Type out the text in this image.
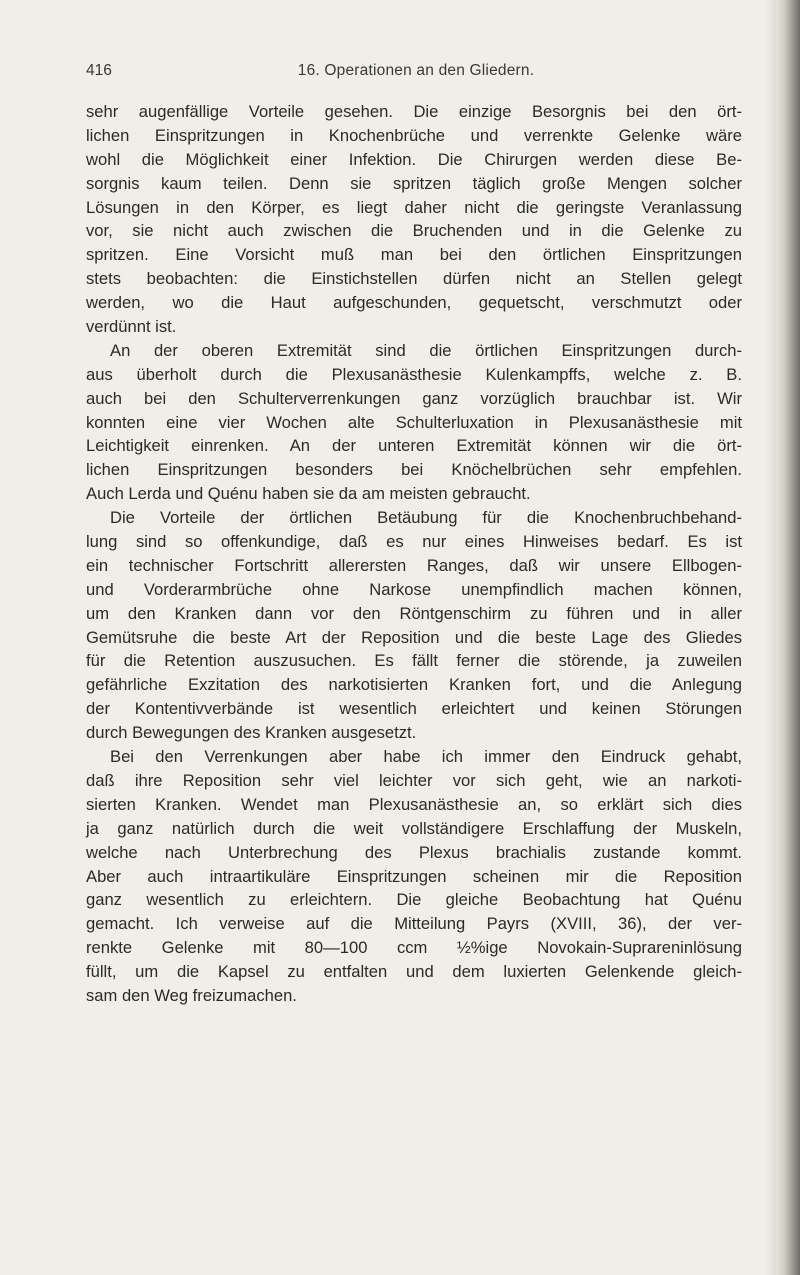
416	16. Operationen an den Gliedern.
sehr augenfällige Vorteile gesehen. Die einzige Besorgnis bei den ört-
lichen Einspritzungen in Knochenbrüche und verrenkte Gelenke wäre
wohl die Möglichkeit einer Infektion. Die Chirurgen werden diese Be-
sorgnis kaum teilen. Denn sie spritzen täglich große Mengen solcher
Lösungen in den Körper, es liegt daher nicht die geringste Veranlassung
vor, sie nicht auch zwischen die Bruchenden und in die Gelenke zu
spritzen. Eine Vorsicht muß man bei den örtlichen Einspritzungen
stets beobachten: die Einstichstellen dürfen nicht an Stellen gelegt
werden, wo die Haut aufgeschunden, gequetscht, verschmutzt oder
verdünnt ist.
An der oberen Extremität sind die örtlichen Einspritzungen durch-
aus überholt durch die Plexusanästhesie Kulenkampffs, welche z. B.
auch bei den Schulterverrenkungen ganz vorzüglich brauchbar ist. Wir
konnten eine vier Wochen alte Schulterluxation in Plexusanästhesie mit
Leichtigkeit einrenken. An der unteren Extremität können wir die ört-
lichen Einspritzungen besonders bei Knöchelbrüchen sehr empfehlen.
Auch Lerda und Quénu haben sie da am meisten gebraucht.
Die Vorteile der örtlichen Betäubung für die Knochenbruchbehand-
lung sind so offenkundige, daß es nur eines Hinweises bedarf. Es ist
ein technischer Fortschritt allerersten Ranges, daß wir unsere Ellbogen-
und Vorderarmbrüche ohne Narkose unempfindlich machen können,
um den Kranken dann vor den Röntgenschirm zu führen und in aller
Gemütsruhe die beste Art der Reposition und die beste Lage des Gliedes
für die Retention auszusuchen. Es fällt ferner die störende, ja zuweilen
gefährliche Exzitation des narkotisierten Kranken fort, und die Anlegung
der Kontentivverbände ist wesentlich erleichtert und keinen Störungen
durch Bewegungen des Kranken ausgesetzt.
Bei den Verrenkungen aber habe ich immer den Eindruck gehabt,
daß ihre Reposition sehr viel leichter vor sich geht, wie an narkoti-
sierten Kranken. Wendet man Plexusanästhesie an, so erklärt sich dies
ja ganz natürlich durch die weit vollständigere Erschlaffung der Muskeln,
welche nach Unterbrechung des Plexus brachialis zustande kommt.
Aber auch intraartikuläre Einspritzungen scheinen mir die Reposition
ganz wesentlich zu erleichtern. Die gleiche Beobachtung hat Quénu
gemacht. Ich verweise auf die Mitteilung Payrs (XVIII, 36), der ver-
renkte Gelenke mit 80—100 ccm ½%ige Novokain-Suprareninlösung
füllt, um die Kapsel zu entfalten und dem luxierten Gelenkende gleich-
sam den Weg freizumachen.
